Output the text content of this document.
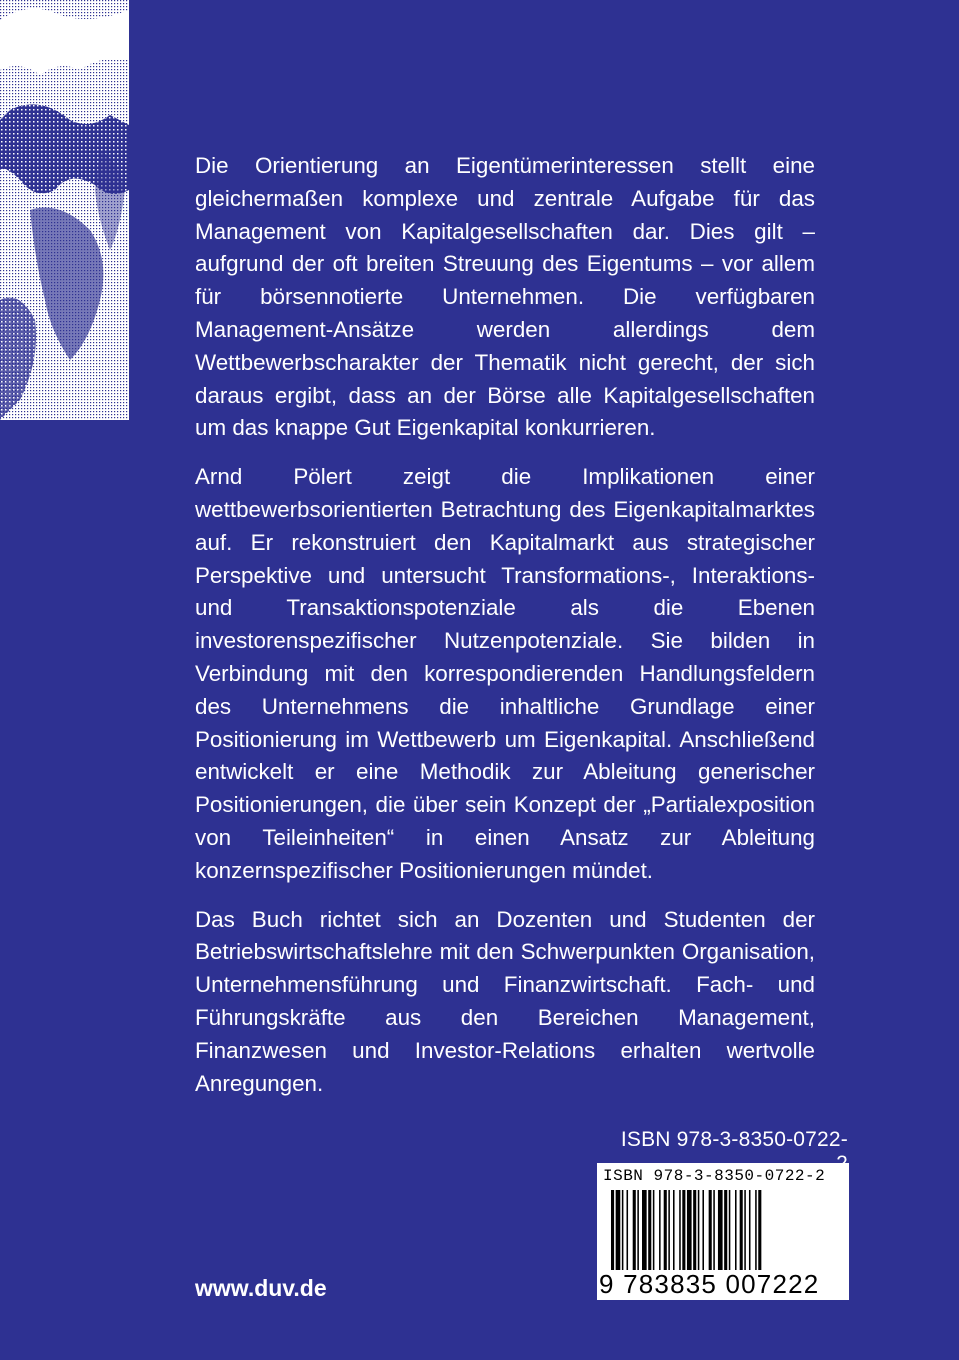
Die Orientierung an Eigentümerinteressen stellt eine gleichermaßen komplexe und zentrale Aufgabe für das Management von Kapitalgesellschaften dar. Dies gilt – aufgrund der oft breiten Streuung des Eigentums – vor allem für börsennotierte Unternehmen. Die verfügbaren Management-Ansätze werden allerdings dem Wettbewerbscharakter der Thematik nicht gerecht, der sich daraus ergibt, dass an der Börse alle Kapitalgesellschaften um das knappe Gut Eigenkapital konkurrieren.

Arnd Pölert zeigt die Implikationen einer wettbewerbsorientierten Betrachtung des Eigenkapitalmarktes auf. Er rekonstruiert den Kapitalmarkt aus strategischer Perspektive und untersucht Transformations-, Interaktions- und Transaktionspotenziale als die Ebenen investorenspezifischer Nutzenpotenziale. Sie bilden in Verbindung mit den korrespondierenden Handlungsfeldern des Unternehmens die inhaltliche Grundlage einer Positionierung im Wettbewerb um Eigenkapital. Anschließend entwickelt er eine Methodik zur Ableitung generischer Positionierungen, die über sein Konzept der „Partialexposition von Teileinheiten“ in einen Ansatz zur Ableitung konzernspezifischer Positionierungen mündet.

Das Buch richtet sich an Dozenten und Studenten der Betriebswirtschaftslehre mit den Schwerpunkten Organisation, Unternehmensführung und Finanzwirtschaft. Fach- und Führungskräfte aus den Bereichen Management, Finanzwesen und Investor-Relations erhalten wertvolle Anregungen.

ISBN 978-3-8350-0722-
ISBN 978-3-8350-0722-2
9 783835 007222
www.duv.de
